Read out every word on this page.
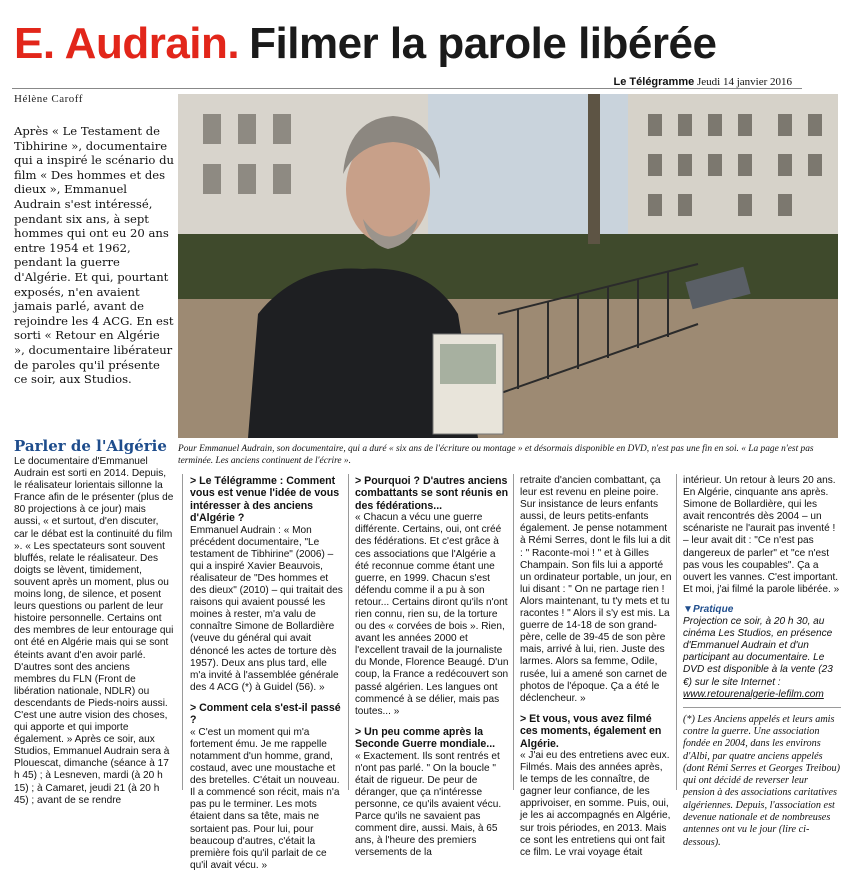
E. Audrain. Filmer la parole libérée
Le Télégramme Jeudi 14 janvier 2016
Hélène Caroff
Après « Le Testament de Tibhirine », documentaire qui a inspiré le scénario du film « Des hommes et des dieux », Emmanuel Audrain s'est intéressé, pendant six ans, à sept hommes qui ont eu 20 ans entre 1954 et 1962, pendant la guerre d'Algérie. Et qui, pourtant exposés, n'en avaient jamais parlé, avant de rejoindre les 4 ACG. En est sorti « Retour en Algérie », documentaire libérateur de paroles qu'il présente ce soir, aux Studios.
Pour Emmanuel Audrain, son documentaire, qui a duré « six ans de l'écriture ou montage » et désormais disponible en DVD, n'est pas une fin en soi. « La page n'est pas terminée. Les anciens continuent de l'écrire ».
Parler de l'Algérie
Le documentaire d'Emmanuel Audrain est sorti en 2014. Depuis, le réalisateur lorientais sillonne la France afin de le présenter (plus de 80 projections à ce jour) mais aussi, « et surtout, d'en discuter, car le débat est la continuité du film ». « Les spectateurs sont souvent bluffés, relate le réalisateur. Des doigts se lèvent, timidement, souvent après un moment, plus ou moins long, de silence, et posent leurs questions ou parlent de leur histoire personnelle. Certains ont des membres de leur entourage qui ont été en Algérie mais qui se sont éteints avant d'en avoir parlé. D'autres sont des anciens membres du FLN (Front de libération nationale, NDLR) ou descendants de Pieds-noirs aussi. C'est une autre vision des choses, qui apporte et qui importe également. » Après ce soir, aux Studios, Emmanuel Audrain sera à Plouescat, dimanche (séance à 17 h 45) ; à Lesneven, mardi (à 20 h 15) ; à Camaret, jeudi 21 (à 20 h 45) ; avant de se rendre

> Le Télégramme : Comment vous est venue l'idée de vous intéresser à des anciens d'Algérie ?

Emmanuel Audrain : « Mon précédent documentaire, "Le testament de Tibhirine" (2006) – qui a inspiré Xavier Beauvois, réalisateur de "Des hommes et des dieux" (2010) – qui traitait des raisons qui avaient poussé les moines à rester, m'a valu de connaître Simone de Bollardière (veuve du général qui avait dénoncé les actes de torture dès 1957). Deux ans plus tard, elle m'a invité à l'assemblée générale des 4 ACG (*) à Guidel (56). »

> Comment cela s'est-il passé ?

« C'est un moment qui m'a fortement ému. Je me rappelle notamment d'un homme, grand, costaud, avec une moustache et des bretelles. C'était un nouveau. Il a commencé son récit, mais n'a pas pu le terminer. Les mots étaient dans sa tête, mais ne sortaient pas. Pour lui, pour beaucoup d'autres, c'était la première fois qu'il parlait de ce qu'il avait vécu. »

> Pourquoi ? D'autres anciens combattants se sont réunis en des fédérations...

« Chacun a vécu une guerre différente. Certains, oui, ont créé des fédérations. Et c'est grâce à ces associations que l'Algérie a été reconnue comme étant une guerre, en 1999. Chacun s'est défendu comme il a pu à son retour... Certains diront qu'ils n'ont rien connu, rien su, de la torture ou des « corvées de bois ». Rien, avant les années 2000 et l'excellent travail de la journaliste du Monde, Florence Beaugé. D'un coup, la France a redécouvert son passé algérien. Les langues ont commencé à se délier, mais pas toutes... »

> Un peu comme après la Seconde Guerre mondiale...

« Exactement. Ils sont rentrés et n'ont pas parlé. " On la boucle " était de rigueur. De peur de déranger, que ça n'intéresse personne, ce qu'ils avaient vécu. Parce qu'ils ne savaient pas comment dire, aussi. Mais, à 65 ans, à l'heure des premiers versements de la

retraite d'ancien combattant, ça leur est revenu en pleine poire. Sur insistance de leurs enfants aussi, de leurs petits-enfants également. Je pense notamment à Rémi Serres, dont le fils lui a dit : " Raconte-moi ! " et à Gilles Champain. Son fils lui a apporté un ordinateur portable, un jour, en lui disant : " On ne partage rien ! Alors maintenant, tu t'y mets et tu racontes ! " Alors il s'y est mis. La guerre de 14-18 de son grand-père, celle de 39-45 de son père mais, arrivé à lui, rien. Juste des larmes. Alors sa femme, Odile, rusée, lui a amené son carnet de photos de l'époque. Ça a été le déclencheur. »

> Et vous, vous avez filmé ces moments, également en Algérie.

« J'ai eu des entretiens avec eux. Filmés. Mais des années après, le temps de les connaître, de gagner leur confiance, de les apprivoiser, en somme. Puis, oui, je les ai accompagnés en Algérie, sur trois périodes, en 2013. Mais ce sont les entretiens qui ont fait ce film. Le vrai voyage était

intérieur. Un retour à leurs 20 ans. En Algérie, cinquante ans après. Simone de Bollardière, qui les avait rencontrés dès 2004 – un scénariste ne l'aurait pas inventé ! – leur avait dit : "Ce n'est pas dangereux de parler" et "ce n'est pas vous les coupables". Ça a ouvert les vannes. C'est important. Et moi, j'ai filmé la parole libérée. »

▼Pratique
Projection ce soir, à 20 h 30, au cinéma Les Studios, en présence d'Emmanuel Audrain et d'un participant au documentaire. Le DVD est disponible à la vente (23 €) sur le site Internet : www.retourenalgerie-lefilm.com

(*) Les Anciens appelés et leurs amis contre la guerre. Une association fondée en 2004, dans les environs d'Albi, par quatre anciens appelés (dont Rémi Serres et Georges Treibou) qui ont décidé de reverser leur pension à des associations caritatives algériennes. Depuis, l'association est devenue nationale et de nombreuses antennes ont vu le jour (lire ci-dessous).
